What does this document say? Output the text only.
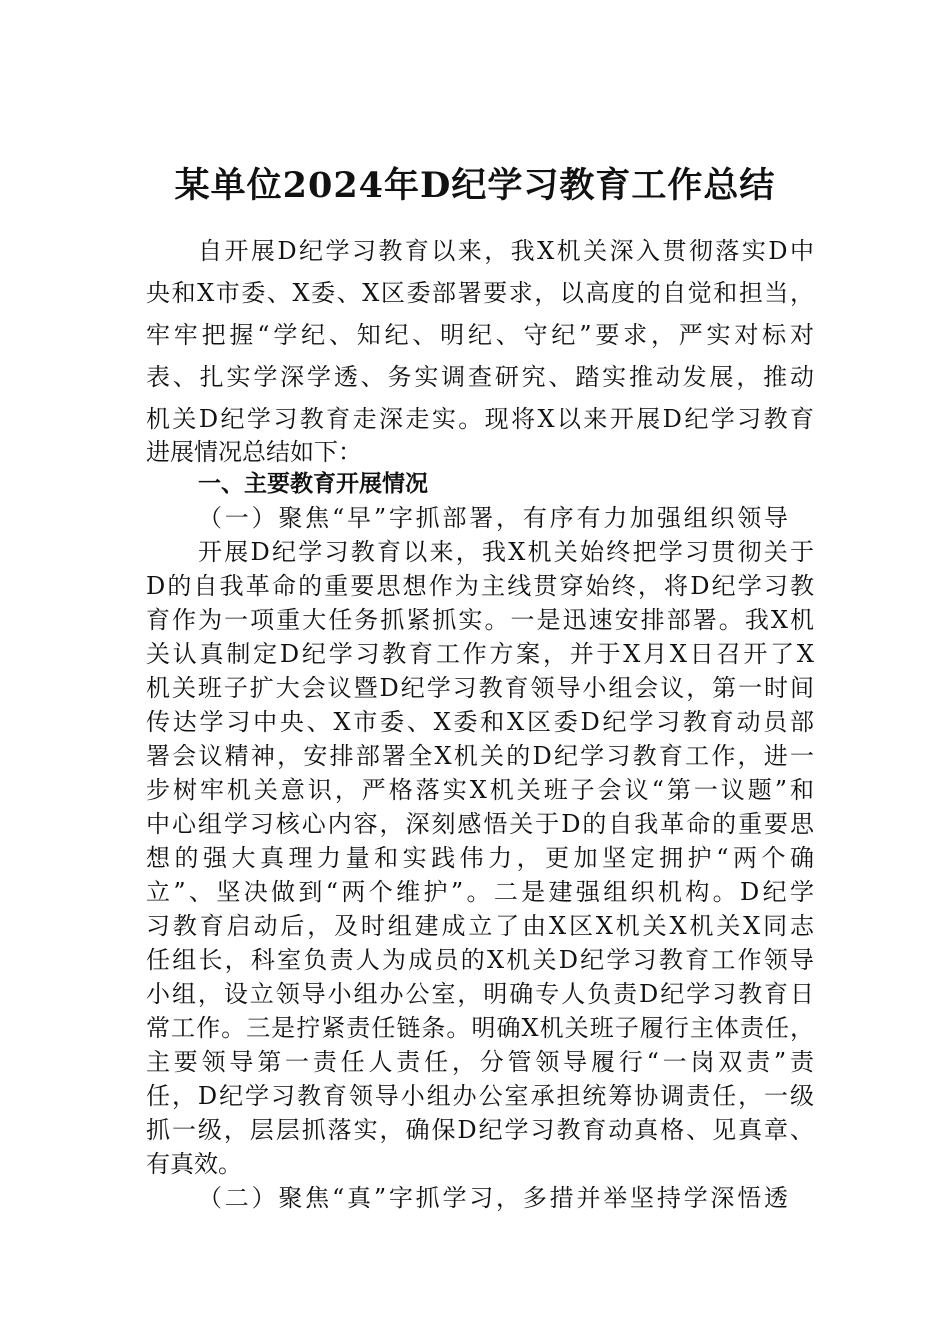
某单位2024年D纪学习教育工作总结
自开展D纪学习教育以来，我X机关深入贯彻落实D中
央和X市委、X委、X区委部署要求，以高度的自觉和担当，
牢牢把握“学纪、知纪、明纪、守纪”要求，严实对标对
表、扎实学深学透、务实调查研究、踏实推动发展，推动
机关D纪学习教育走深走实。现将X以来开展D纪学习教育
进展情况总结如下：
一、主要教育开展情况
（一）聚焦“早”字抓部署，有序有力加强组织领导
开展D纪学习教育以来，我X机关始终把学习贯彻关于
D的自我革命的重要思想作为主线贯穿始终，将D纪学习教
育作为一项重大任务抓紧抓实。一是迅速安排部署。我X机
关认真制定D纪学习教育工作方案，并于X月X日召开了X
机关班子扩大会议暨D纪学习教育领导小组会议，第一时间
传达学习中央、X市委、X委和X区委D纪学习教育动员部
署会议精神，安排部署全X机关的D纪学习教育工作，进一
步树牢机关意识，严格落实X机关班子会议“第一议题”和
中心组学习核心内容，深刻感悟关于D的自我革命的重要思
想的强大真理力量和实践伟力，更加坚定拥护“两个确
立”、坚决做到“两个维护”。二是建强组织机构。D纪学
习教育启动后，及时组建成立了由X区X机关X机关X同志
任组长，科室负责人为成员的X机关D纪学习教育工作领导
小组，设立领导小组办公室，明确专人负责D纪学习教育日
常工作。三是拧紧责任链条。明确X机关班子履行主体责任，
主要领导第一责任人责任，分管领导履行“一岗双责”责
任，D纪学习教育领导小组办公室承担统筹协调责任，一级
抓一级，层层抓落实，确保D纪学习教育动真格、见真章、
有真效。
（二）聚焦“真”字抓学习，多措并举坚持学深悟透
